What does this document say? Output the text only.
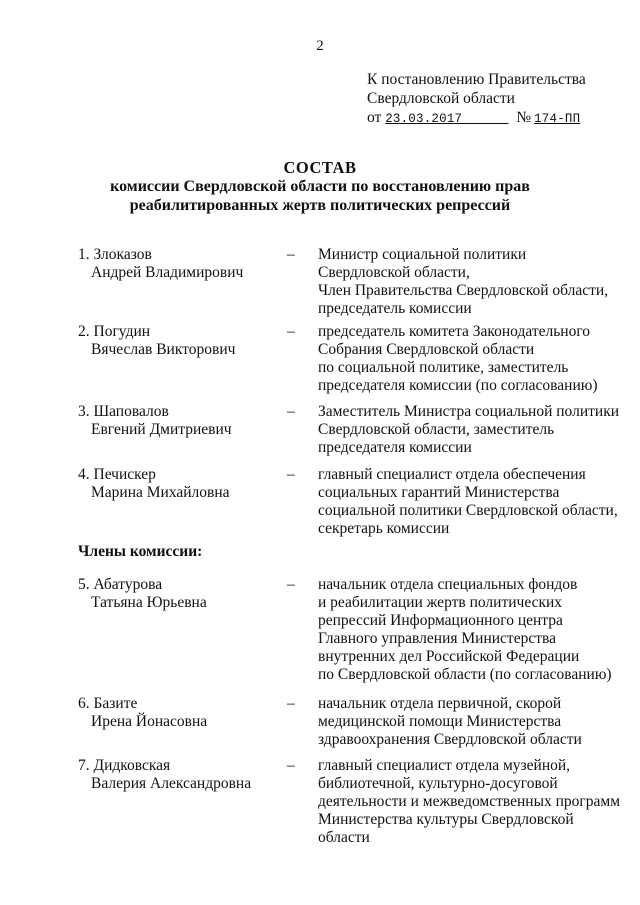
2
К постановлению Правительства
Свердловской области
от 23.03.2017______ № 174-ПП
СОСТАВ
комиссии Свердловской области по восстановлению прав
реабилитированных жертв политических репрессий
Члены комиссии:
1. Злоказов
Андрей Владимирович
–	Министр социальной политики
Свердловской области,
Член Правительства Свердловской области,
председатель комиссии
2. Погудин
Вячеслав Викторович
–	председатель комитета Законодательного
Собрания Свердловской области
по социальной политике, заместитель
председателя комиссии (по согласованию)
3. Шаповалов
Евгений Дмитриевич
–	Заместитель Министра социальной политики
Свердловской области, заместитель
председателя комиссии
4. Печискер
Марина Михайловна
–	главный специалист отдела обеспечения
социальных гарантий Министерства
социальной политики Свердловской области,
секретарь комиссии
5. Абатурова
Татьяна Юрьевна
–	начальник отдела специальных фондов
и реабилитации жертв политических
репрессий Информационного центра
Главного управления Министерства
внутренних дел Российской Федерации
по Свердловской области (по согласованию)
6. Базите
Ирена Йонасовна
–	начальник отдела первичной, скорой
медицинской помощи Министерства
здравоохранения Свердловской области
7. Дидковская
Валерия Александровна
–	главный специалист отдела музейной,
библиотечной, культурно-досуговой
деятельности и межведомственных программ
Министерства культуры Свердловской
области
